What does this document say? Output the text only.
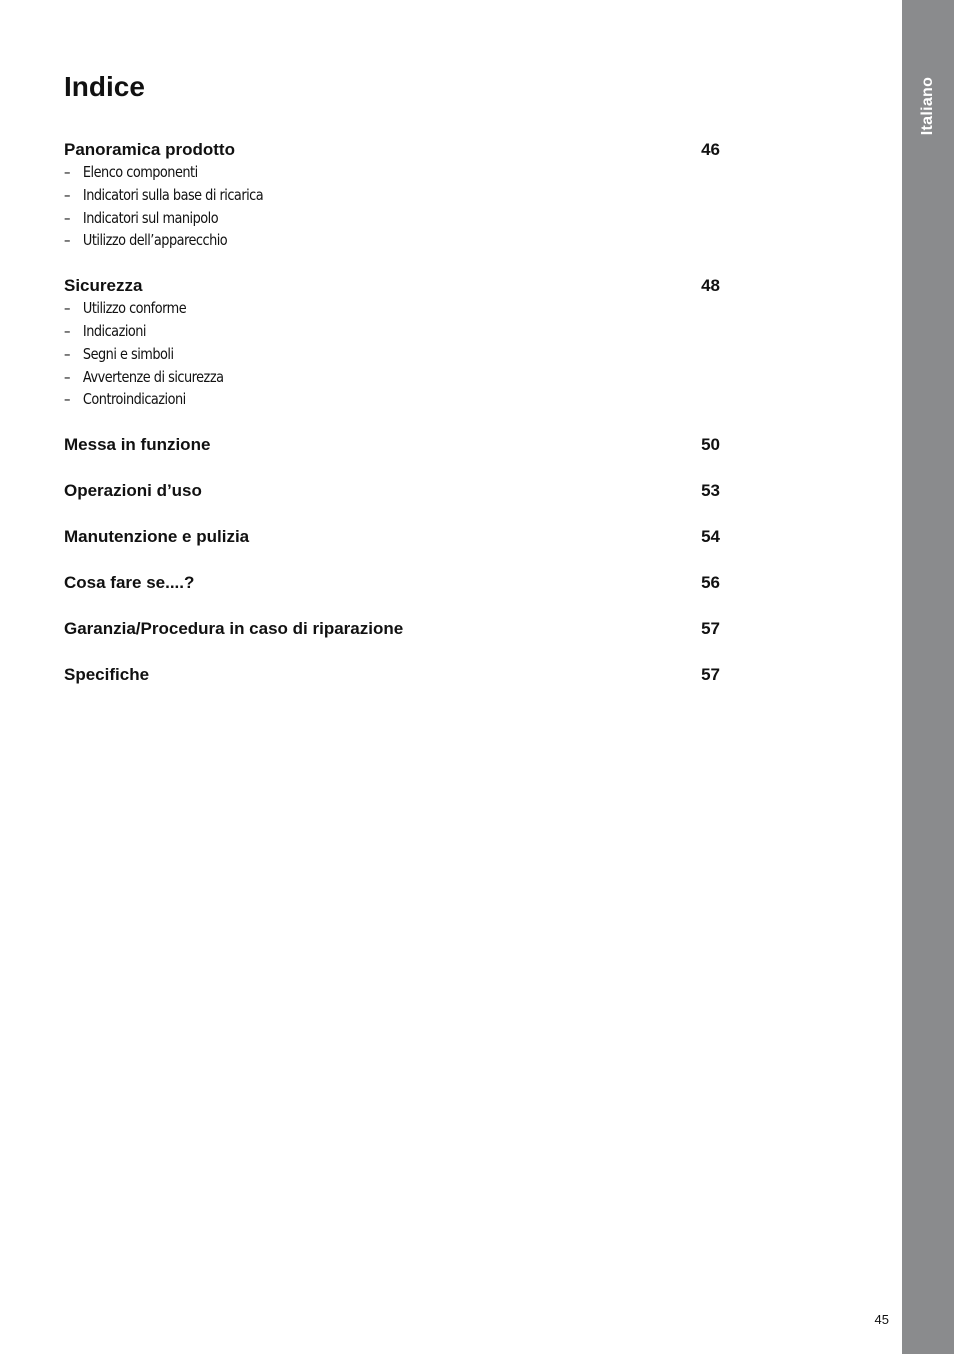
Italiano
Indice
Panoramica prodotto	46
– Elenco componenti
– Indicatori sulla base di ricarica
– Indicatori sul manipolo
– Utilizzo dell’apparecchio
Sicurezza	48
– Utilizzo conforme
– Indicazioni
– Segni e simboli
– Avvertenze di sicurezza
– Controindicazioni
Messa in funzione	50
Operazioni d’uso	53
Manutenzione e pulizia	54
Cosa fare se....?	56
Garanzia/Procedura in caso di riparazione	57
Specifiche	57
45
